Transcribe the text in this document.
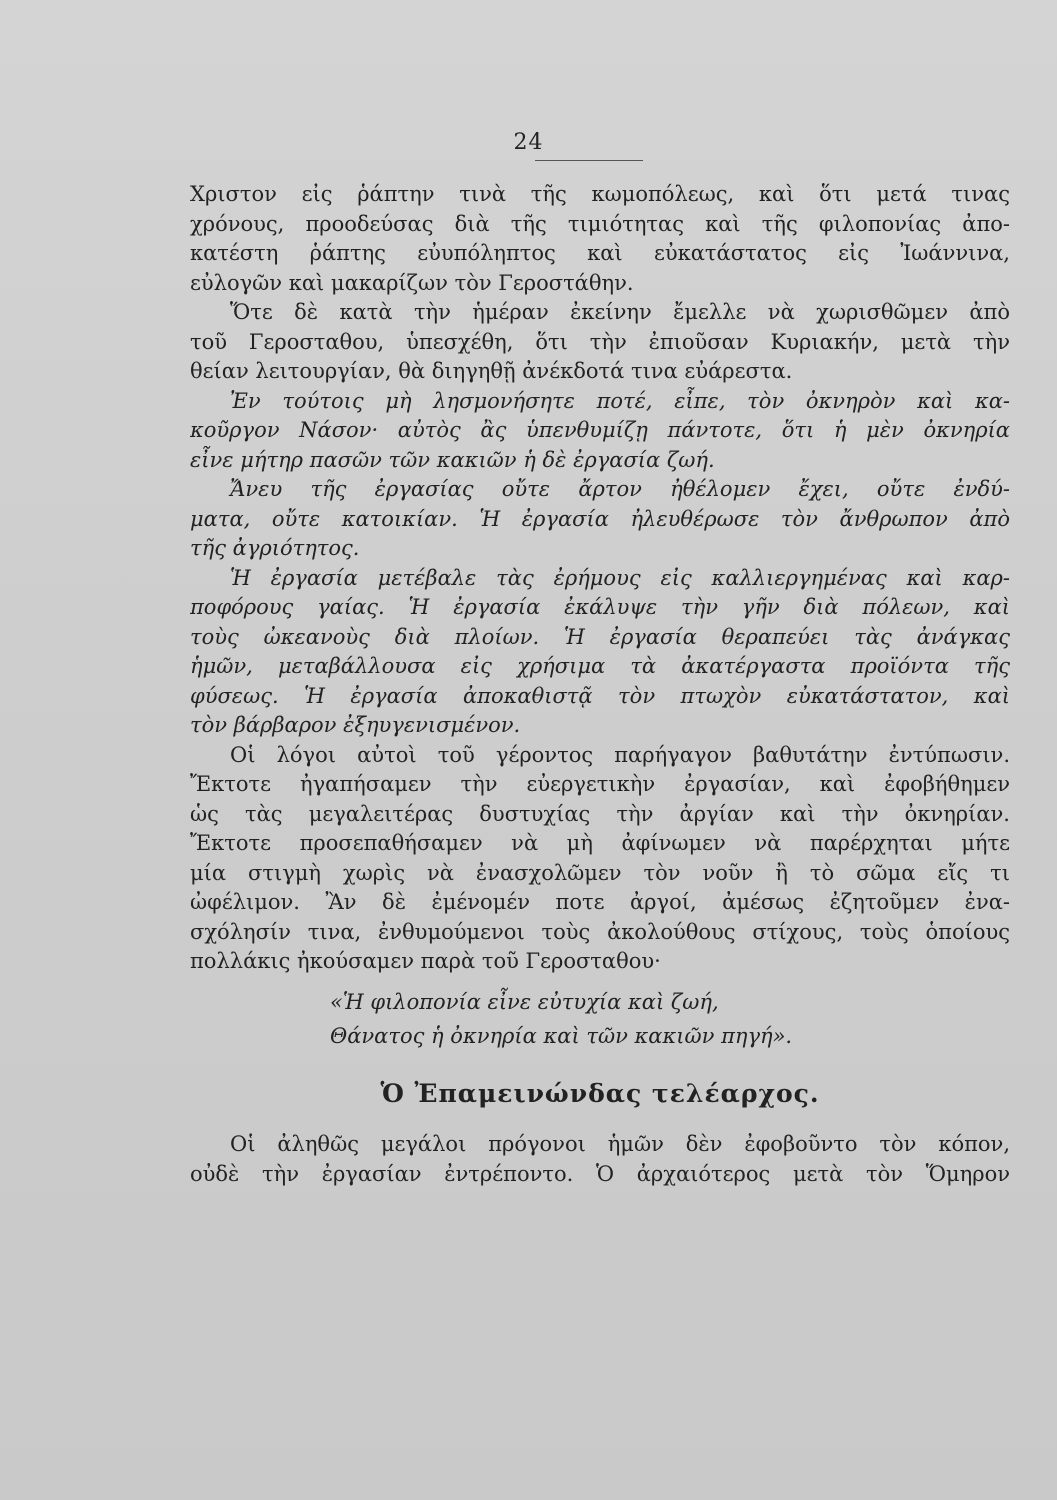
24
Χριστον εἰς ῥάπτην τινὰ τῆς κωμοπόλεως, καὶ ὅτι μετά τινας
χρόνους, προοδεύσας διὰ τῆς τιμιότητας καὶ τῆς φιλοπονίας ἀπο-
κατέστη ῥάπτης εὐυπόληπτος καὶ εὐκατάστατος εἰς Ἰωάννινα,
εὐλογῶν καὶ μακαρίζων τὸν Γεροστάθην.
Ὅτε δὲ κατὰ τὴν ἡμέραν ἐκείνην ἔμελλε νὰ χωρισθῶμεν ἀπὸ
τοῦ Γεροσταθου, ὑπεσχέθη, ὅτι τὴν ἐπιοῦσαν Κυριακήν, μετὰ τὴν
θείαν λειτουργίαν, θὰ διηγηθῇ ἀνέκδοτά τινα εὐάρεστα.
Ἐν τούτοις μὴ λησμονήσητε ποτέ, εἶπε, τὸν ὀκνηρὸν καὶ κα-
κοῦργον Νάσον· αὐτὸς ἂς ὑπενθυμίζῃ πάντοτε, ὅτι ἡ μὲν ὀκνηρία
εἶνε μήτηρ πασῶν τῶν κακιῶν ἡ δὲ ἐργασία ζωή.
Ἄνευ τῆς ἐργασίας οὔτε ἄρτον ἠθέλομεν ἔχει, οὔτε ἐνδύ-
ματα, οὔτε κατοικίαν. Ἡ ἐργασία ἠλευθέρωσε τὸν ἄνθρωπον ἀπὸ
τῆς ἀγριότητος.
Ἡ ἐργασία μετέβαλε τὰς ἐρήμους εἰς καλλιεργημένας καὶ καρ-
ποφόρους γαίας. Ἡ ἐργασία ἐκάλυψε τὴν γῆν διὰ πόλεων, καὶ
τοὺς ὠκεανοὺς διὰ πλοίων. Ἡ ἐργασία θεραπεύει τὰς ἀνάγκας
ἡμῶν, μεταβάλλουσα εἰς χρήσιμα τὰ ἀκατέργαστα προϊόντα τῆς
φύσεως. Ἡ ἐργασία ἀποκαθιστᾷ τὸν πτωχὸν εὐκατάστατον, καὶ
τὸν βάρβαρον ἐξηυγενισμένον.
Οἱ λόγοι αὐτοὶ τοῦ γέροντος παρήγαγον βαθυτάτην ἐντύπωσιν.
Ἔκτοτε ἠγαπήσαμεν τὴν εὐεργετικὴν ἐργασίαν, καὶ ἐφοβήθημεν
ὡς τὰς μεγαλειτέρας δυστυχίας τὴν ἀργίαν καὶ τὴν ὀκνηρίαν.
Ἔκτοτε προσεπαθήσαμεν νὰ μὴ ἀφίνωμεν νὰ παρέρχηται μήτε
μία στιγμὴ χωρὶς νὰ ἐνασχολῶμεν τὸν νοῦν ἢ τὸ σῶμα εἴς τι
ὠφέλιμον. Ἂν δὲ ἐμένομέν ποτε ἀργοί, ἀμέσως ἐζητοῦμεν ἐνα-
σχόλησίν τινα, ἐνθυμούμενοι τοὺς ἀκολούθους στίχους, τοὺς ὁποίους
πολλάκις ἠκούσαμεν παρὰ τοῦ Γεροσταθου·
«Ἡ φιλοπονία εἶνε εὐτυχία καὶ ζωή,
Θάνατος ἡ ὀκνηρία καὶ τῶν κακιῶν πηγή».
Ὁ Ἐπαμεινώνδας τελέαρχος.
Οἱ ἀληθῶς μεγάλοι πρόγονοι ἡμῶν δὲν ἐφοβοῦντο τὸν κόπον,
οὐδὲ τὴν ἐργασίαν ἐντρέποντο. Ὁ ἀρχαιότερος μετὰ τὸν Ὅμηρον
